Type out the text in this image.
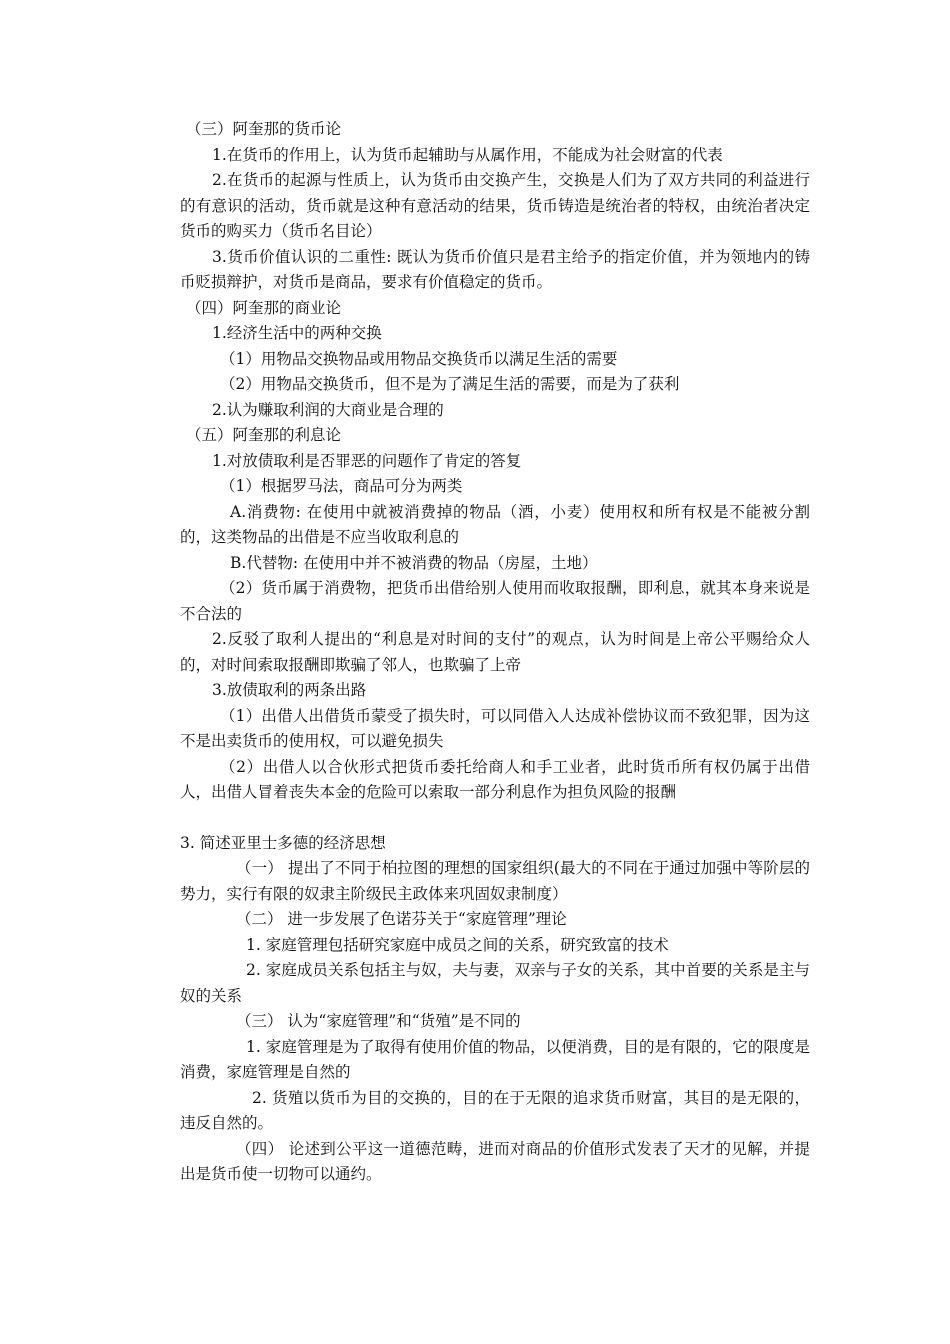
（三）阿奎那的货币论

1.在货币的作用上，认为货币起辅助与从属作用，不能成为社会财富的代表

2.在货币的起源与性质上，认为货币由交换产生，交换是人们为了双方共同的利益进行的有意识的活动，货币就是这种有意活动的结果，货币铸造是统治者的特权，由统治者决定货币的购买力（货币名目论）

3.货币价值认识的二重性: 既认为货币价值只是君主给予的指定价值，并为领地内的铸币贬损辩护，对货币是商品，要求有价值稳定的货币。

（四）阿奎那的商业论

1.经济生活中的两种交换

（1）用物品交换物品或用物品交换货币以满足生活的需要

（2）用物品交换货币，但不是为了满足生活的需要，而是为了获利

2.认为赚取利润的大商业是合理的

（五）阿奎那的利息论

1.对放债取利是否罪恶的问题作了肯定的答复

（1）根据罗马法，商品可分为两类

A.消费物: 在使用中就被消费掉的物品（酒，小麦）使用权和所有权是不能被分割的，这类物品的出借是不应当收取利息的

B.代替物: 在使用中并不被消费的物品（房屋，土地）

（2）货币属于消费物，把货币出借给别人使用而收取报酬，即利息，就其本身来说是不合法的

2.反驳了取利人提出的“利息是对时间的支付”的观点，认为时间是上帝公平赐给众人的，对时间索取报酬即欺骗了邻人，也欺骗了上帝

3.放债取利的两条出路

（1）出借人出借货币蒙受了损失时，可以同借入人达成补偿协议而不致犯罪，因为这不是出卖货币的使用权，可以避免损失

（2）出借人以合伙形式把货币委托给商人和手工业者，此时货币所有权仍属于出借人，出借人冒着丧失本金的危险可以索取一部分利息作为担负风险的报酬

3. 简述亚里士多德的经济思想

（一） 提出了不同于柏拉图的理想的国家组织(最大的不同在于通过加强中等阶层的势力，实行有限的奴隶主阶级民主政体来巩固奴隶制度）

（二） 进一步发展了色诺芬关于“家庭管理”理论

1. 家庭管理包括研究家庭中成员之间的关系，研究致富的技术

2. 家庭成员关系包括主与奴，夫与妻，双亲与子女的关系，其中首要的关系是主与奴的关系

（三） 认为“家庭管理”和“货殖”是不同的

1. 家庭管理是为了取得有使用价值的物品，以便消费，目的是有限的，它的限度是消费，家庭管理是自然的

2. 货殖以货币为目的交换的，目的在于无限的追求货币财富，其目的是无限的，违反自然的。

（四） 论述到公平这一道德范畴，进而对商品的价值形式发表了天才的见解，并提出是货币使一切物可以通约。
